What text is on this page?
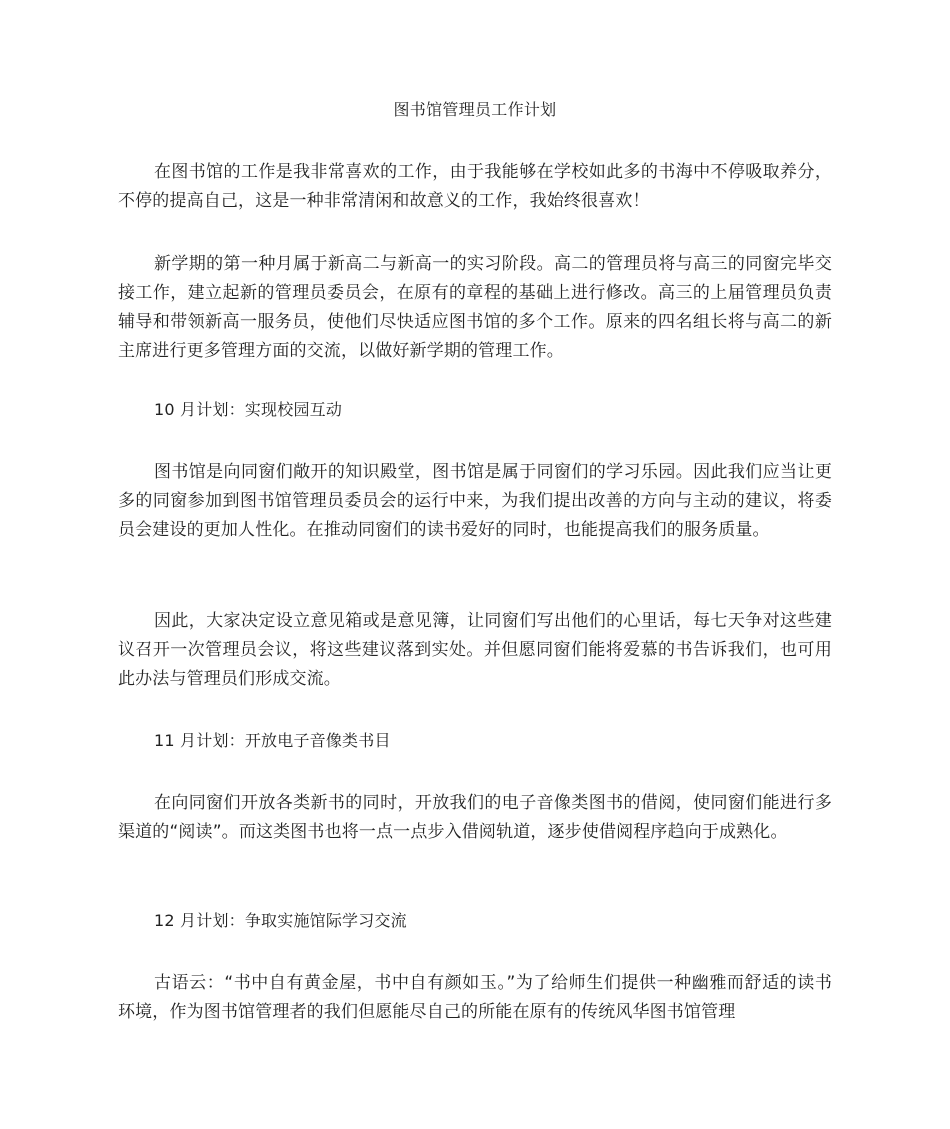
图书馆管理员工作计划

在图书馆的工作是我非常喜欢的工作，由于我能够在学校如此多的书海中不停吸取养分，不停的提高自己，这是一种非常清闲和故意义的工作，我始终很喜欢！

新学期的第一种月属于新高二与新高一的实习阶段。高二的管理员将与高三的同窗完毕交接工作，建立起新的管理员委员会，在原有的章程的基础上进行修改。高三的上届管理员负责辅导和带领新高一服务员，使他们尽快适应图书馆的多个工作。原来的四名组长将与高二的新主席进行更多管理方面的交流，以做好新学期的管理工作。

10 月计划：实现校园互动

图书馆是向同窗们敞开的知识殿堂，图书馆是属于同窗们的学习乐园。因此我们应当让更多的同窗参加到图书馆管理员委员会的运行中来，为我们提出改善的方向与主动的建议，将委员会建设的更加人性化。在推动同窗们的读书爱好的同时，也能提高我们的服务质量。

因此，大家决定设立意见箱或是意见簿，让同窗们写出他们的心里话，每七天争对这些建议召开一次管理员会议，将这些建议落到实处。并但愿同窗们能将爱慕的书告诉我们，也可用此办法与管理员们形成交流。

11 月计划：开放电子音像类书目

在向同窗们开放各类新书的同时，开放我们的电子音像类图书的借阅，使同窗们能进行多渠道的“阅读”。而这类图书也将一点一点步入借阅轨道，逐步使借阅程序趋向于成熟化。

12 月计划：争取实施馆际学习交流

古语云：“书中自有黄金屋，书中自有颜如玉。”为了给师生们提供一种幽雅而舒适的读书环境，作为图书馆管理者的我们但愿能尽自己的所能在原有的传统风华图书馆管理
